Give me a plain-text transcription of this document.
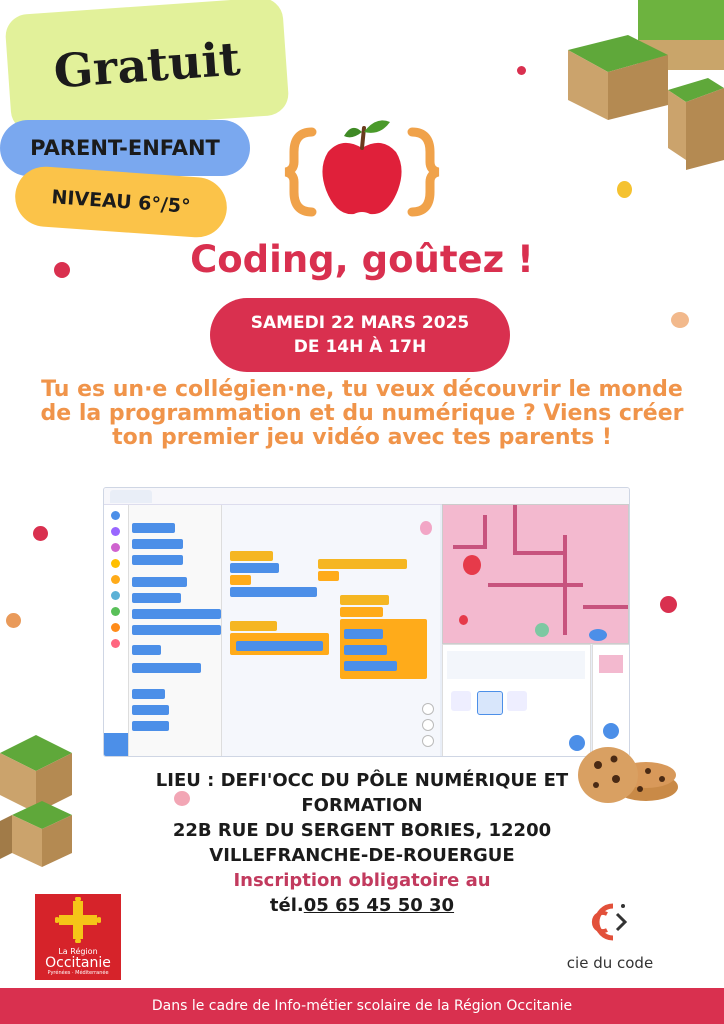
Gratuit
PARENT-ENFANT
NIVEAU 6°/5°
Coding, goûtez !
SAMEDI 22 MARS 2025
DE 14H À 17H
Tu es un·e collégien·ne, tu veux découvrir le monde de la programmation et du numérique ? Viens créer ton premier jeu vidéo avec tes parents !
LIEU : DEFI'OCC DU PÔLE NUMÉRIQUE ET
FORMATION
22B RUE DU SERGENT BORIES, 12200
VILLEFRANCHE-DE-ROUERGUE
Inscription obligatoire au
tél.05 65 45 50 30
La Région
Occitanie
Pyrénées · Méditerranée
cie du code
Dans le cadre de Info-métier scolaire de la Région Occitanie
